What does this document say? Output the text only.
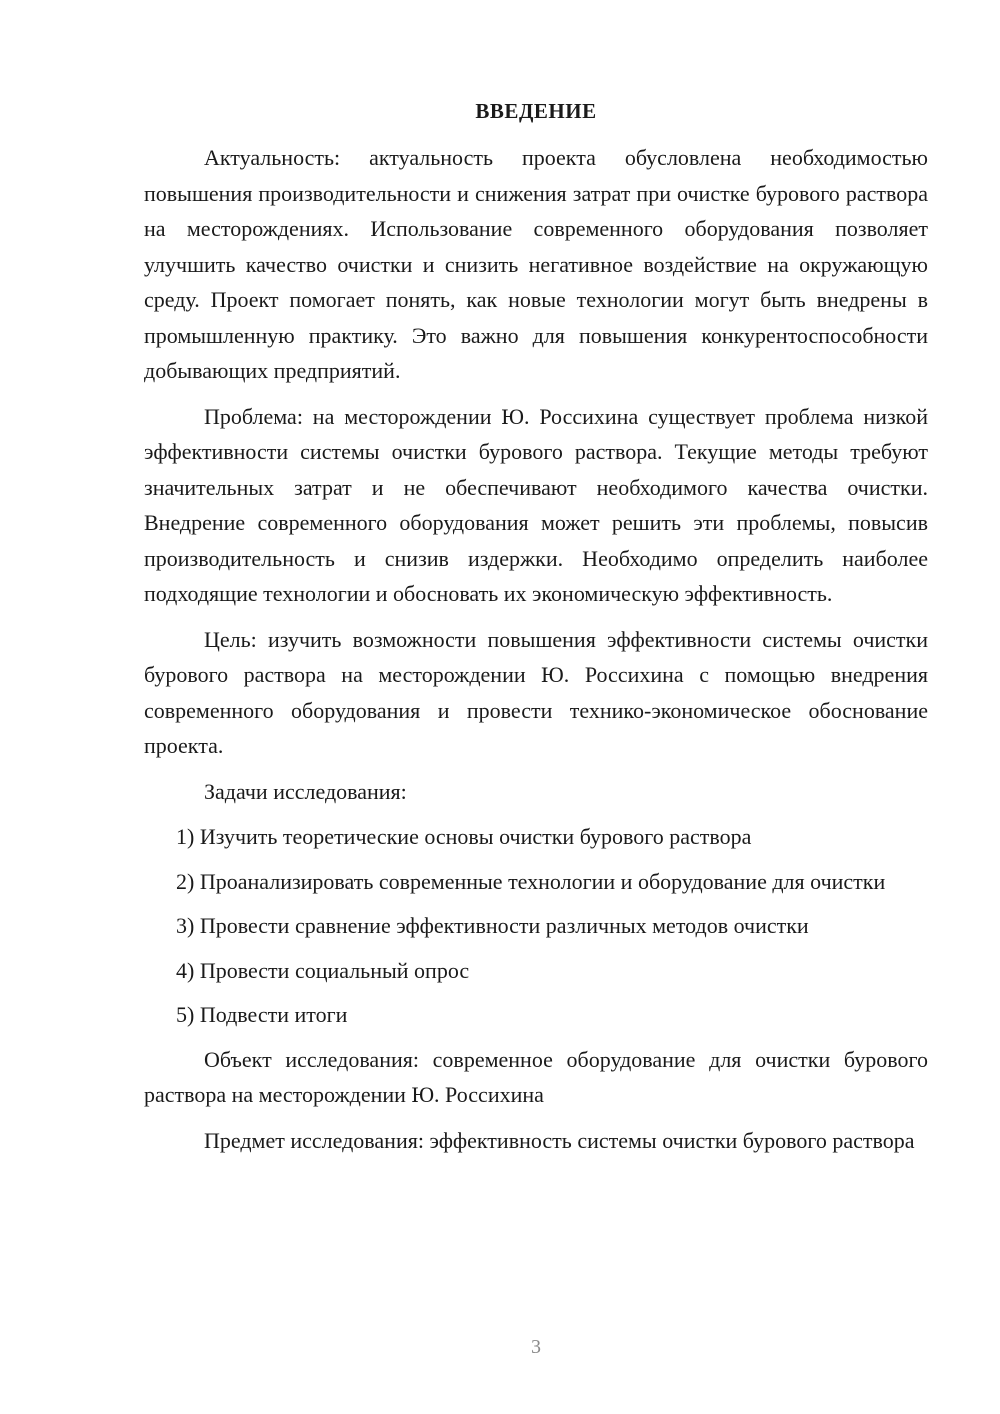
ВВЕДЕНИЕ

Актуальность: актуальность проекта обусловлена необходимостью повышения производительности и снижения затрат при очистке бурового раствора на месторождениях. Использование современного оборудования позволяет улучшить качество очистки и снизить негативное воздействие на окружающую среду. Проект помогает понять, как новые технологии могут быть внедрены в промышленную практику. Это важно для повышения конкурентоспособности добывающих предприятий.

Проблема: на месторождении Ю. Россихина существует проблема низкой эффективности системы очистки бурового раствора. Текущие методы требуют значительных затрат и не обеспечивают необходимого качества очистки. Внедрение современного оборудования может решить эти проблемы, повысив производительность и снизив издержки. Необходимо определить наиболее подходящие технологии и обосновать их экономическую эффективность.

Цель: изучить возможности повышения эффективности системы очистки бурового раствора на месторождении Ю. Россихина с помощью внедрения современного оборудования и провести технико-экономическое обоснование проекта.

Задачи исследования:

1) Изучить теоретические основы очистки бурового раствора

2) Проанализировать современные технологии и оборудование для очистки

3) Провести сравнение эффективности различных методов очистки

4) Провести социальный опрос

5) Подвести итоги

Объект исследования: современное оборудование для очистки бурового раствора на месторождении Ю. Россихина

Предмет исследования: эффективность системы очистки бурового раствора

3
